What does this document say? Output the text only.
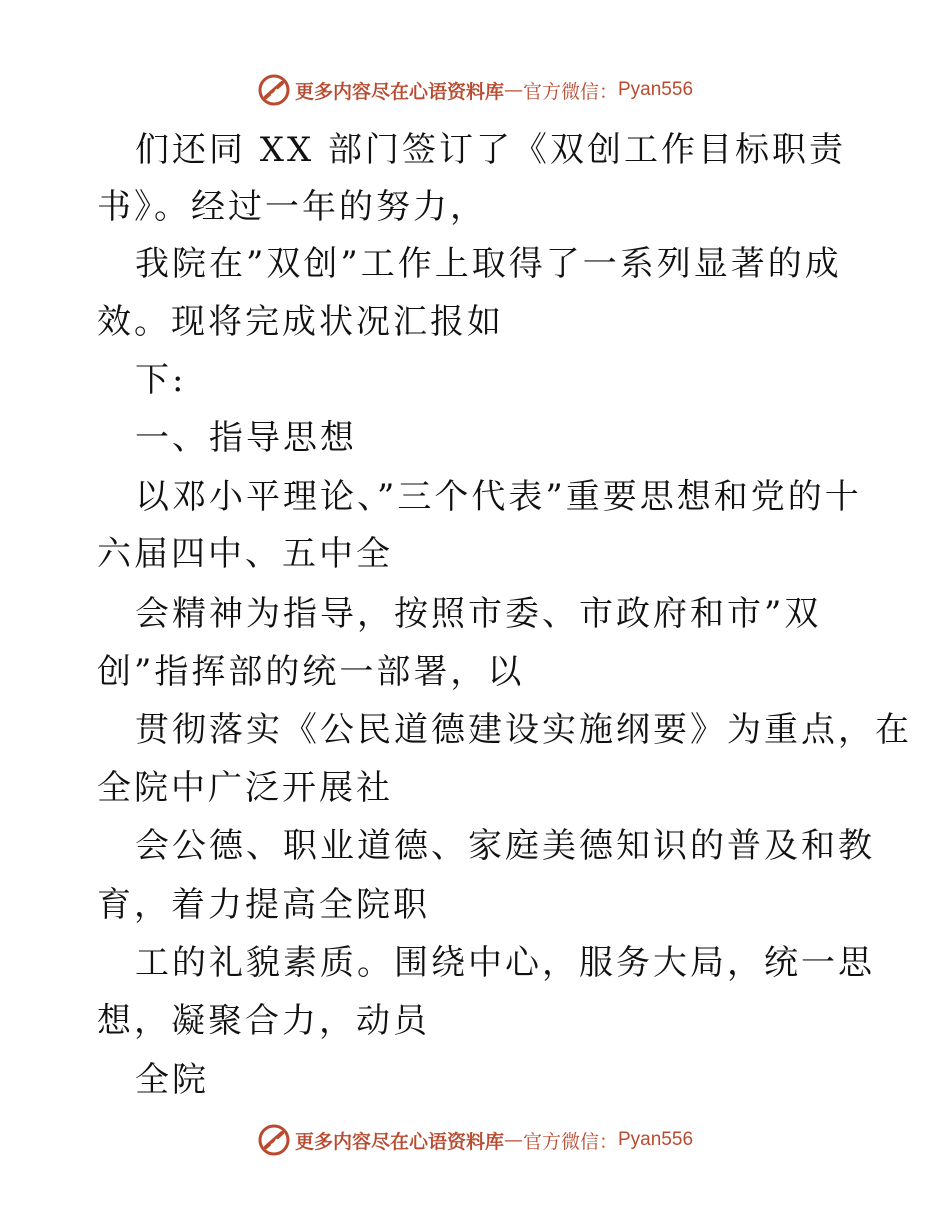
更多内容尽在心语资料库 — 官方微信： Pyan556
们还同 XX 部门签订了《双创工作目标职责
书》。经过一年的努力，
我院在”双创”工作上取得了一系列显著的成
效。现将完成状况汇报如
下:
一、指导思想
以邓小平理论、”三个代表”重要思想和党的十
六届四中、五中全
会精神为指导，按照市委、市政府和市”双
创”指挥部的统一部署，以
贯彻落实《公民道德建设实施纲要》为重点，在
全院中广泛开展社
会公德、职业道德、家庭美德知识的普及和教
育，着力提高全院职
工的礼貌素质。围绕中心，服务大局，统一思
想，凝聚合力，动员
全院
更多内容尽在心语资料库 — 官方微信： Pyan556
